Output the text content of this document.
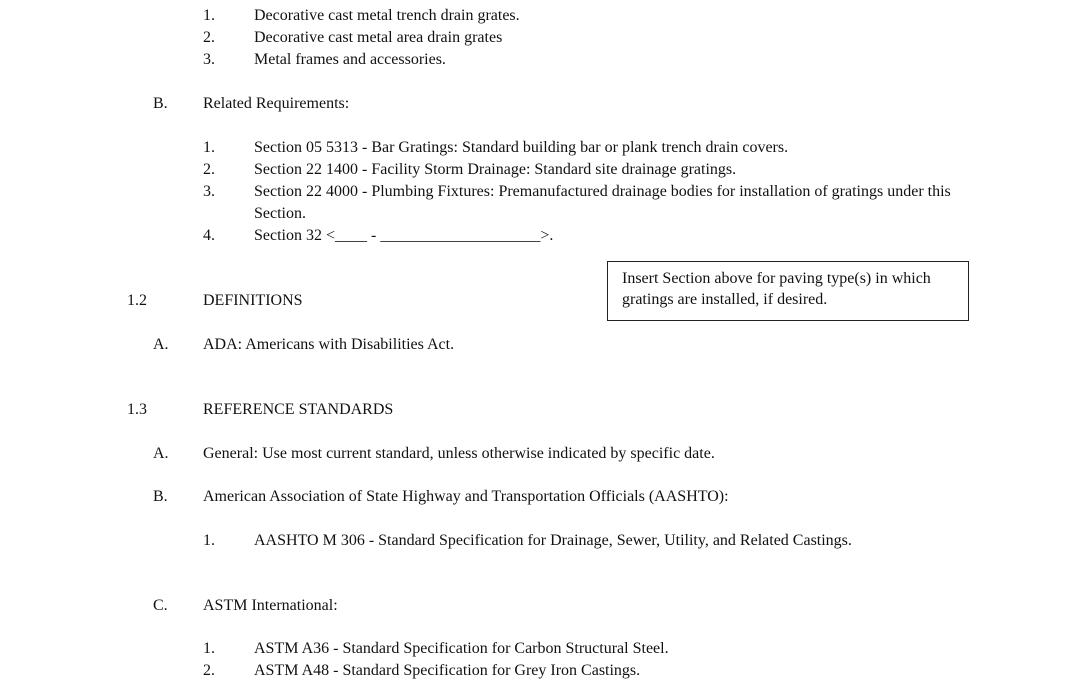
1. Decorative cast metal trench drain grates.
2. Decorative cast metal area drain grates
3. Metal frames and accessories.
B. Related Requirements:
1. Section 05 5313 - Bar Gratings: Standard building bar or plank trench drain covers.
2. Section 22 1400 - Facility Storm Drainage: Standard site drainage gratings.
3. Section 22 4000 - Plumbing Fixtures: Premanufactured drainage bodies for installation of gratings under this Section.
4. Section 32 <____ - ____________________>.
Insert Section above for paving type(s) in which gratings are installed, if desired.
1.2	DEFINITIONS
A. ADA: Americans with Disabilities Act.
1.3	REFERENCE STANDARDS
A. General: Use most current standard, unless otherwise indicated by specific date.
B. American Association of State Highway and Transportation Officials (AASHTO):
1. AASHTO M 306 - Standard Specification for Drainage, Sewer, Utility, and Related Castings.
C. ASTM International:
1. ASTM A36 - Standard Specification for Carbon Structural Steel.
2. ASTM A48 - Standard Specification for Grey Iron Castings.
